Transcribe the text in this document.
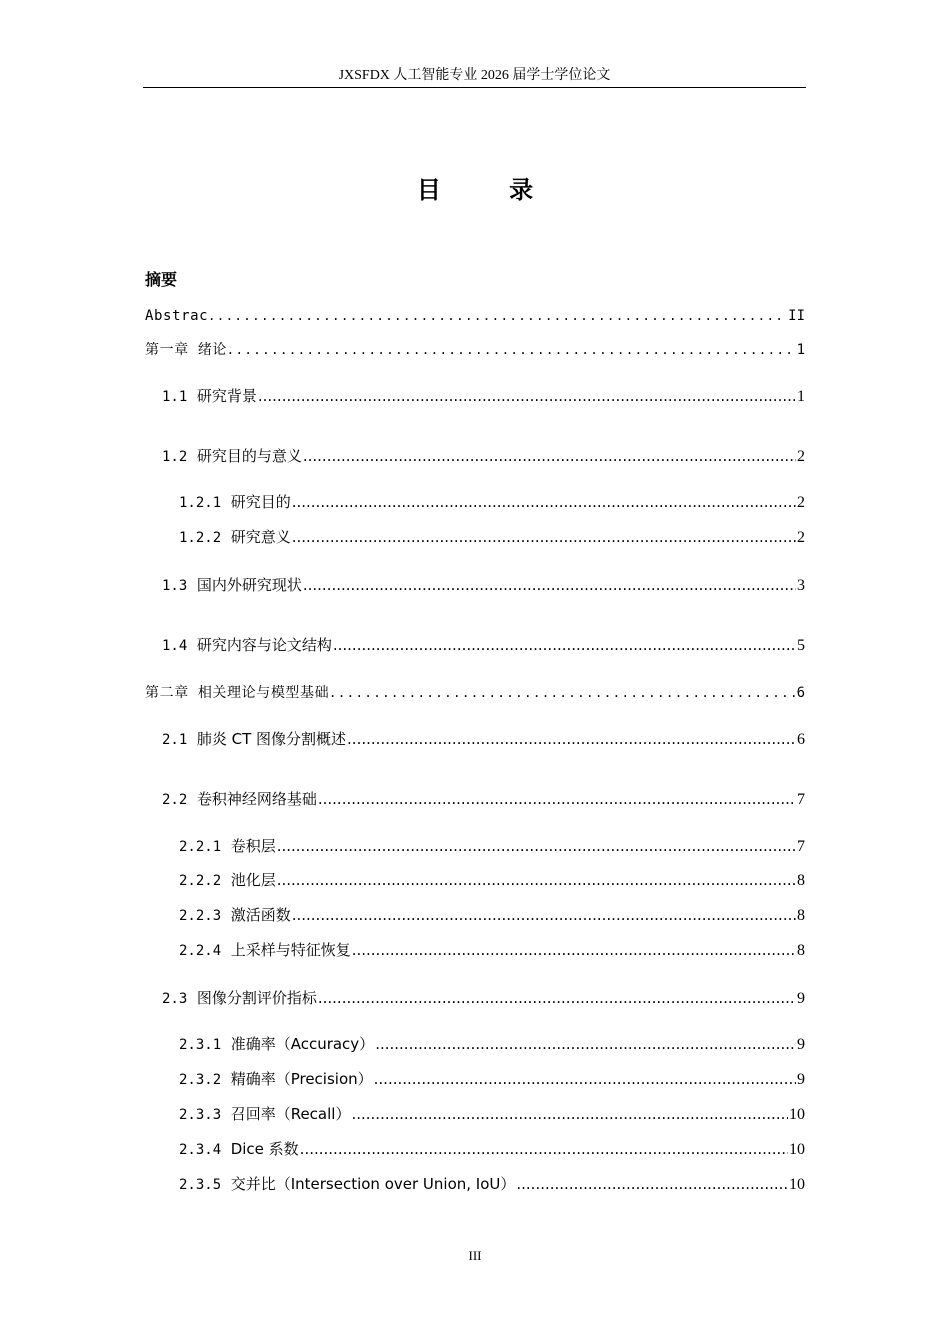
JXSFDX 人工智能专业 2026 届学士学位论文
目 录
摘要
Abstrac .....	II
第一章 绪论 .....	1
1.1 研究背景 .....	1
1.2 研究目的与意义 .....	2
1.2.1 研究目的 .....	2
1.2.2 研究意义 .....	2
1.3 国内外研究现状 .....	3
1.4 研究内容与论文结构 .....	5
第二章 相关理论与模型基础 .....	6
2.1 肺炎 CT 图像分割概述 .....	6
2.2 卷积神经网络基础 .....	7
2.2.1 卷积层 .....	7
2.2.2 池化层 .....	8
2.2.3 激活函数 .....	8
2.2.4 上采样与特征恢复 .....	8
2.3 图像分割评价指标 .....	9
2.3.1 准确率（Accuracy） .....	9
2.3.2 精确率（Precision） .....	9
2.3.3 召回率（Recall） .....	10
2.3.4 Dice 系数 .....	10
2.3.5 交并比（Intersection over Union, IoU） .....	10
III
